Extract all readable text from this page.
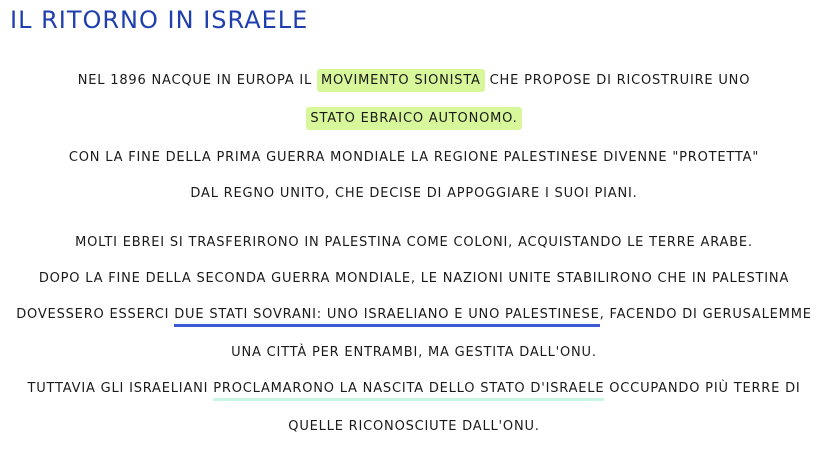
IL RITORNO IN ISRAELE
NEL 1896 NACQUE IN EUROPA IL MOVIMENTO SIONISTA CHE PROPOSE DI RICOSTRUIRE UNO
STATO EBRAICO AUTONOMO.
CON LA FINE DELLA PRIMA GUERRA MONDIALE LA REGIONE PALESTINESE DIVENNE "PROTETTA"
DAL REGNO UNITO, CHE DECISE DI APPOGGIARE I SUOI PIANI.
MOLTI EBREI SI TRASFERIRONO IN PALESTINA COME COLONI, ACQUISTANDO LE TERRE ARABE.
DOPO LA FINE DELLA SECONDA GUERRA MONDIALE, LE NAZIONI UNITE STABILIRONO CHE IN PALESTINA
DOVESSERO ESSERCI DUE STATI SOVRANI: UNO ISRAELIANO E UNO PALESTINESE, FACENDO DI GERUSALEMME
UNA CITTÀ PER ENTRAMBI, MA GESTITA DALL'ONU.
TUTTAVIA GLI ISRAELIANI PROCLAMARONO LA NASCITA DELLO STATO D'ISRAELE OCCUPANDO PIÙ TERRE DI
QUELLE RICONOSCIUTE DALL'ONU.
